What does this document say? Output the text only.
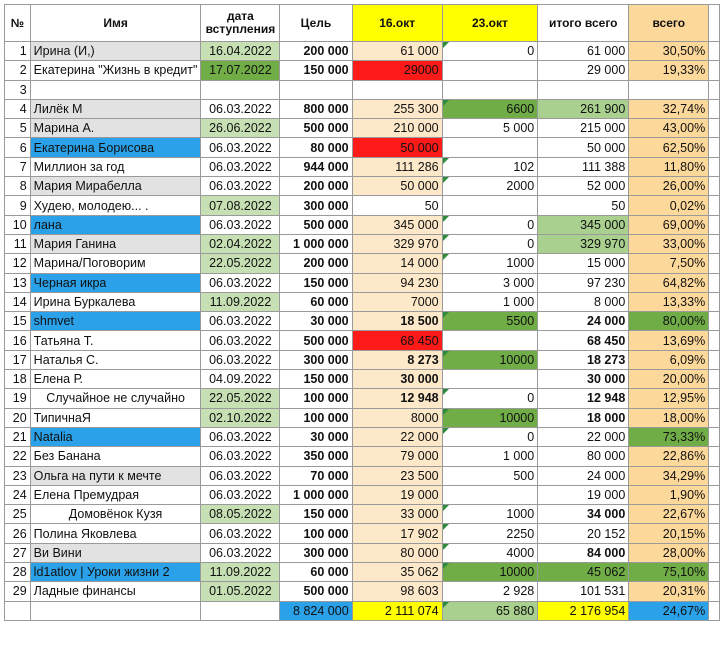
№	Имя	дата вступления	Цель	16.окт	23.окт	итого всего	всего	
1	Ирина (И,)	16.04.2022	200 000	61 000	0	61 000	30,50%	
2	Екатерина "Жизнь в кредит"	17.07.2022	150 000	29000		29 000	19,33%	
3								
4	Лилёк М	06.03.2022	800 000	255 300	6600	261 900	32,74%	
5	Марина А.	26.06.2022	500 000	210 000	5 000	215 000	43,00%	
6	Екатерина Борисова	06.03.2022	80 000	50 000		50 000	62,50%	
7	Миллион за год	06.03.2022	944 000	111 286	102	111 388	11,80%	
8	Мария Мирабелла	06.03.2022	200 000	50 000	2000	52 000	26,00%	
9	Худею, молодею... .	07.08.2022	300 000	50		50	0,02%	
10	лана	06.03.2022	500 000	345 000	0	345 000	69,00%	
11	Мария Ганина	02.04.2022	1 000 000	329 970	0	329 970	33,00%	
12	Марина/Поговорим	22.05.2022	200 000	14 000	1000	15 000	7,50%	
13	Черная икра	06.03.2022	150 000	94 230	3 000	97 230	64,82%	
14	Ирина Буркалева	11.09.2022	60 000	7000	1 000	8 000	13,33%	
15	shmvet	06.03.2022	30 000	18 500	5500	24 000	80,00%	
16	Татьяна Т.	06.03.2022	500 000	68 450		68 450	13,69%	
17	Наталья С.	06.03.2022	300 000	8 273	10000	18 273	6,09%	
18	Елена Р.	04.09.2022	150 000	30 000		30 000	20,00%	
19	Случайное не случайно	22.05.2022	100 000	12 948	0	12 948	12,95%	
20	ТипичнаЯ	02.10.2022	100 000	8000	10000	18 000	18,00%	
21	Natalia	06.03.2022	30 000	22 000	0	22 000	73,33%	
22	Без Банана	06.03.2022	350 000	79 000	1 000	80 000	22,86%	
23	Ольга на пути к мечте	06.03.2022	70 000	23 500	500	24 000	34,29%	
24	Елена Премудрая	06.03.2022	1 000 000	19 000		19 000	1,90%	
25	Домовёнок Кузя	08.05.2022	150 000	33 000	1000	34 000	22,67%	
26	Полина Яковлева	06.03.2022	100 000	17 902	2250	20 152	20,15%	
27	Ви Вини	06.03.2022	300 000	80 000	4000	84 000	28,00%	
28	ld1atlov | Уроки жизни 2	11.09.2022	60 000	35 062	10000	45 062	75,10%	
29	Ладные финансы	01.05.2022	500 000	98 603	2 928	101 531	20,31%	
			8 824 000	2 111 074	65 880	2 176 954	24,67%	
